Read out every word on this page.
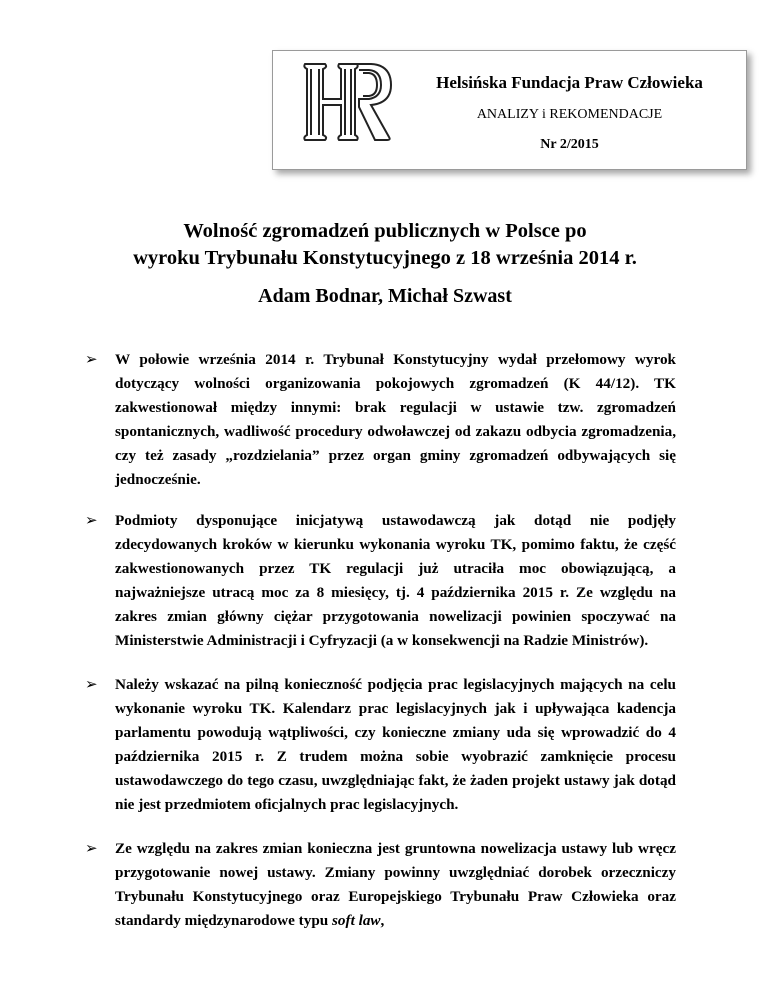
Helsińska Fundacja Praw Człowieka
ANALIZY i REKOMENDACJE
Nr 2/2015
Wolność zgromadzeń publicznych w Polsce po
wyroku Trybunału Konstytucyjnego z 18 września 2014 r.
Adam Bodnar, Michał Szwast
➢ W połowie września 2014 r. Trybunał Konstytucyjny wydał przełomowy wyrok dotyczący wolności organizowania pokojowych zgromadzeń (K 44/12). TK zakwestionował między innymi: brak regulacji w ustawie tzw. zgromadzeń spontanicznych, wadliwość procedury odwoławczej od zakazu odbycia zgromadzenia, czy też zasady „rozdzielania” przez organ gminy zgromadzeń odbywających się jednocześnie.
➢ Podmioty dysponujące inicjatywą ustawodawczą jak dotąd nie podjęły zdecydowanych kroków w kierunku wykonania wyroku TK, pomimo faktu, że część zakwestionowanych przez TK regulacji już utraciła moc obowiązującą, a najważniejsze utracą moc za 8 miesięcy, tj. 4 października 2015 r. Ze względu na zakres zmian główny ciężar przygotowania nowelizacji powinien spoczywać na Ministerstwie Administracji i Cyfryzacji (a w konsekwencji na Radzie Ministrów).
➢ Należy wskazać na pilną konieczność podjęcia prac legislacyjnych mających na celu wykonanie wyroku TK. Kalendarz prac legislacyjnych jak i upływająca kadencja parlamentu powodują wątpliwości, czy konieczne zmiany uda się wprowadzić do 4 października 2015 r. Z trudem można sobie wyobrazić zamknięcie procesu ustawodawczego do tego czasu, uwzględniając fakt, że żaden projekt ustawy jak dotąd nie jest przedmiotem oficjalnych prac legislacyjnych.
➢ Ze względu na zakres zmian konieczna jest gruntowna nowelizacja ustawy lub wręcz przygotowanie nowej ustawy. Zmiany powinny uwzględniać dorobek orzeczniczy Trybunału Konstytucyjnego oraz Europejskiego Trybunału Praw Człowieka oraz standardy międzynarodowe typu soft law,
